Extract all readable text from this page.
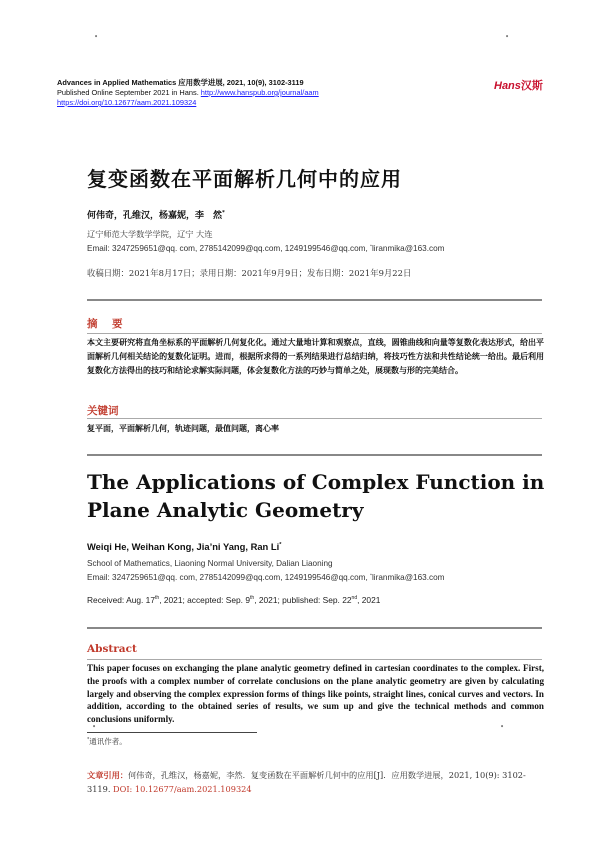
•	•
Advances in Applied Mathematics 应用数学进展, 2021, 10(9), 3102-3119
Published Online September 2021 in Hans. http://www.hanspub.org/journal/aam
https://doi.org/10.12677/aam.2021.109324
Hans汉斯
复变函数在平面解析几何中的应用
何伟奇，孔维汉，杨嘉妮，李　然*
辽宁师范大学数学学院，辽宁 大连
Email: 3247259651@qq. com, 2785142099@qq.com, 1249199546@qq.com, *liranmika@163.com
收稿日期：2021年8月17日；录用日期：2021年9月9日；发布日期：2021年9月22日
摘　要
本文主要研究将直角坐标系的平面解析几何复化化。通过大量地计算和观察点，直线，圆锥曲线和向量等复数化表达形式，给出平面解析几何相关结论的复数化证明。进而，根据所求得的一系列结果进行总结归纳，将技巧性方法和共性结论统一给出。最后利用复数化方法得出的技巧和结论求解实际问题，体会复数化方法的巧妙与简单之处，展现数与形的完美结合。
关键词
复平面，平面解析几何，轨迹问题，最值问题，离心率
The Applications of Complex Function in Plane Analytic Geometry
Weiqi He, Weihan Kong, Jia’ni Yang, Ran Li*
School of Mathematics, Liaoning Normal University, Dalian Liaoning
Email: 3247259651@qq. com, 2785142099@qq.com, 1249199546@qq.com, *liranmika@163.com
Received: Aug. 17th, 2021; accepted: Sep. 9th, 2021; published: Sep. 22nd, 2021
Abstract
This paper focuses on exchanging the plane analytic geometry defined in cartesian coordinates to the complex. First, the proofs with a complex number of correlate conclusions on the plane analytic geometry are given by calculating largely and observing the complex expression forms of things like points, straight lines, conical curves and vectors. In addition, according to the obtained series of results, we sum up and give the technical methods and common conclusions uniformly.
•	•
*通讯作者。
文章引用：何伟奇，孔维汉，杨嘉妮，李然．复变函数在平面解析几何中的应用[J]．应用数学进展，2021, 10(9): 3102-3119. DOI: 10.12677/aam.2021.109324
